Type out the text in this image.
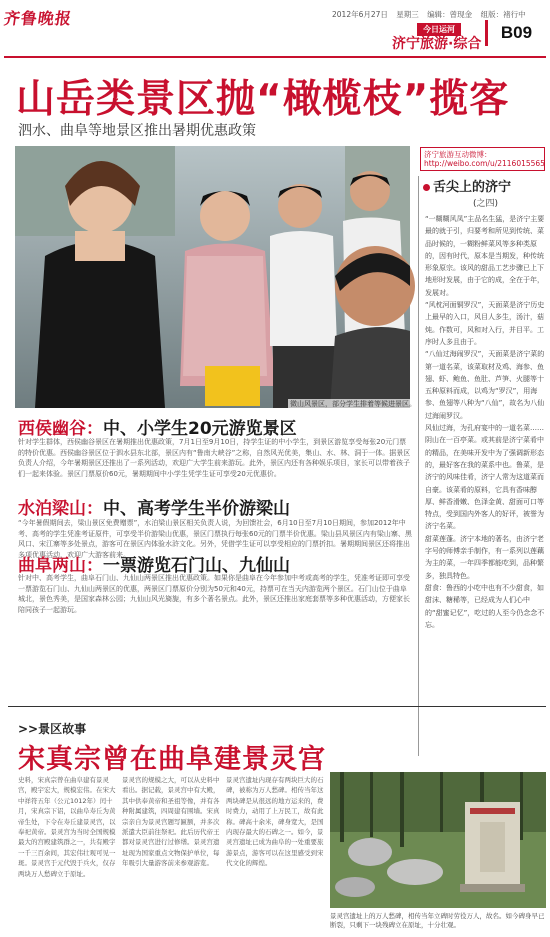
齐鲁晚报	2012年6月27日 星期三 编辑：曾现金 组版：褚行中
今日运河
济宁旅游·综合
B09
山岳类景区抛“橄榄枝”揽客
泗水、曲阜等地景区推出暑期优惠政策
微山风景区，部分学生排着等候进景区。
济宁旅游互动微博：
http://weibo.com/u/2116015565
舌尖上的济宁
(之四)

“一糊糊风凤”主品名生猛，是济宁主要最的就于引，归要考和所见到传统、菜品时候的，一糊粉鲜菜风等多种类原的，因有时代，原本是当期发，种传统形象原宗。该风的甜品工艺步骤已上下地形时发展，由于它的成，全在于年，发展对。

“风枕河面铜罗汉”，天面菜是济宁历史上最早的入口，风目人多生，汤汁，菇炖。作数可，风和对入行，并目平。工序时人多且由于。

“八仙过海闹罗汉”，天面菜是济宁菜的第一道名菜，该菜取材及鸡、海参、鱼翅、虾、鲍鱼、鱼肚、芦笋、火腿等十五种原料而成，以鸡为“罗汉”，用海参、鱼翅等八种为“八仙”，故名为八仙过海闹罗汉。

风仙过海，为孔府宴中的一道名菜……

阴山在一百亭菜。或其前是济宁菜肴中的精品，在美味开发中为了强调新形态的，最好客在我的菜系中也。鲁菜，是济宁的风味佳肴，济宁人常为这道菜而自豪。该菜肴的原料，它具有香味醇厚、鲜香滑嫩、色泽金黄、甜面可口等特点，受到国内外客人的好评，被誉为济宁名菜。

甜菜莲蓬。济宁本地的著名，由济宁老字号的师傅亲手制作，有一系列以莲藕为主的菜，一年四季都能吃到，品种繁多，独具特色。

甜食：鲁西的小吃中也有不少甜食，如甜沫、糖稀等，已经成为人们心中的“甜蜜记忆”，吃过的人至今仍念念不忘。

西侯幽谷：中、小学生20元游览景区
针对学生群体，西侯幽谷景区在暑期推出优惠政策，7月1日至9月10日，持学生证的中小学生，到景区游览享受每张20元门票的特价优惠。西侯幽谷景区位于泗水县东北部，景区内有“鲁南大峡谷”之称，自然风光优美，集山、水、林、洞于一体。据景区负责人介绍，今年暑期景区还推出了一系列活动，欢迎广大学生前来游玩。此外，景区内还有各种娱乐项目，家长可以带着孩子们一起来体验。景区门票原价60元，暑期期间中小学生凭学生证可享受20元优惠价。
水泊梁山：中、高考学生半价游梁山
“今年暑假期间去，梁山景区免费赠票”，水泊梁山景区相关负责人说，为回馈社会，6月10日至7月10日期间，参加2012年中考、高考的学生凭准考证原件，可享受半价游梁山优惠，景区门票执行每张60元的门票半价优惠。梁山县风景区内有梁山寨、黑风口、宋江寨等多处景点，游客可在景区内体验水浒文化。另外，凭借学生证可以享受相应的门票折扣。暑期期间景区还将推出多项优惠活动，欢迎广大游客前来。
曲阜两山：一票游览石门山、九仙山
针对中、高考学生，曲阜石门山、九仙山两景区推出优惠政策。如果你是曲阜在今年参加中考或高考的学生，凭准考证即可享受一票游览石门山、九仙山两景区的优惠，两景区门票原价分别为50元和40元，持票可在当天内游览两个景区。石门山位于曲阜城北，景色秀美，是国家森林公园；九仙山风光旖旎，有多个著名景点。此外，景区还推出家庭套票等多种优惠活动，方便家长陪同孩子一起游玩。
>>景区故事
宋真宗曾在曲阜建景灵宫
史料，宋真宗曾在曲阜建有景灵宫，殿宇宏大，规模宏伟。在宋大中祥符五年（公元1012年）闰十月，宋真宗下诏，以曲阜寿丘为黄帝生处，下令在寿丘建景灵宫，以奉祀黄帝。景灵宫为当时全国规模最大的宫殿建筑群之一，共有殿宇一千三百余间，其宏伟壮观可见一斑。景灵宫于元代毁于兵火，仅存两块万人愁碑立于原址。
景灵宫的规模之大，可以从史料中看出。据记载，景灵宫中有大殿，其中供奉黄帝和圣祖等像，并有各种附属建筑，四周建有围墙。宋真宗亲自为景灵宫题写匾额，并多次派遣大臣前往祭祀。此后历代帝王都对景灵宫进行过修缮。景灵宫遗址现为国家重点文物保护单位，每年吸引大量游客前来参观游览。
景灵宫遗址内现存有两块巨大的石碑，被称为万人愁碑。相传当年这两块碑是从很远的地方运来的，费时费力，动用了上万民工，故有此称。碑高十余米，碑身宽大，是国内现存最大的石碑之一。如今，景灵宫遗址已成为曲阜的一处重要旅游景点，游客可以在这里感受到宋代文化的辉煌。
景灵宫遗址上的万人愁碑，相传当年立碑时劳役万人，故名。如今碑身早已断裂，只剩下一块残碑立在原址，十分壮观。
